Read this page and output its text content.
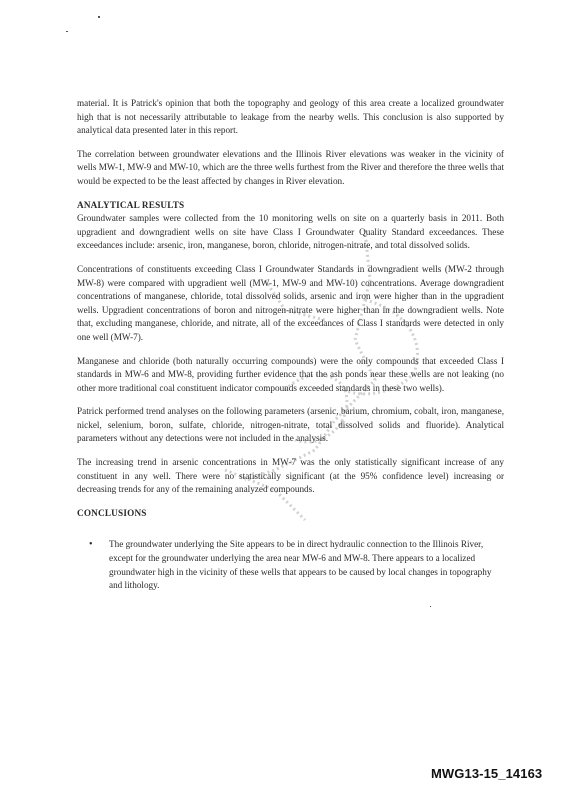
material. It is Patrick's opinion that both the topography and geology of this area create a localized groundwater high that is not necessarily attributable to leakage from the nearby wells. This conclusion is also supported by analytical data presented later in this report.

The correlation between groundwater elevations and the Illinois River elevations was weaker in the vicinity of wells MW-1, MW-9 and MW-10, which are the three wells furthest from the River and therefore the three wells that would be expected to be the least affected by changes in River elevation.

ANALYTICAL RESULTS

Groundwater samples were collected from the 10 monitoring wells on site on a quarterly basis in 2011. Both upgradient and downgradient wells on site have Class I Groundwater Quality Standard exceedances. These exceedances include: arsenic, iron, manganese, boron, chloride, nitrogen-nitrate, and total dissolved solids.

Concentrations of constituents exceeding Class I Groundwater Standards in downgradient wells (MW-2 through MW-8) were compared with upgradient well (MW-1, MW-9 and MW-10) concentrations. Average downgradient concentrations of manganese, chloride, total dissolved solids, arsenic and iron were higher than in the upgradient wells. Upgradient concentrations of boron and nitrogen-nitrate were higher than in the downgradient wells. Note that, excluding manganese, chloride, and nitrate, all of the exceedances of Class I standards were detected in only one well (MW-7).

Manganese and chloride (both naturally occurring compounds) were the only compounds that exceeded Class I standards in MW-6 and MW-8, providing further evidence that the ash ponds near these wells are not leaking (no other more traditional coal constituent indicator compounds exceeded standards in these two wells).

Patrick performed trend analyses on the following parameters (arsenic, barium, chromium, cobalt, iron, manganese, nickel, selenium, boron, sulfate, chloride, nitrogen-nitrate, total dissolved solids and fluoride). Analytical parameters without any detections were not included in the analysis.

The increasing trend in arsenic concentrations in MW-7 was the only statistically significant increase of any constituent in any well. There were no statistically significant (at the 95% confidence level) increasing or decreasing trends for any of the remaining analyzed compounds.

CONCLUSIONS
• The groundwater underlying the Site appears to be in direct hydraulic connection to the Illinois River, except for the groundwater underlying the area near MW-6 and MW-8. There appears to a localized groundwater high in the vicinity of these wells that appears to be caused by local changes in topography and lithology.
MWG13-15_14163
